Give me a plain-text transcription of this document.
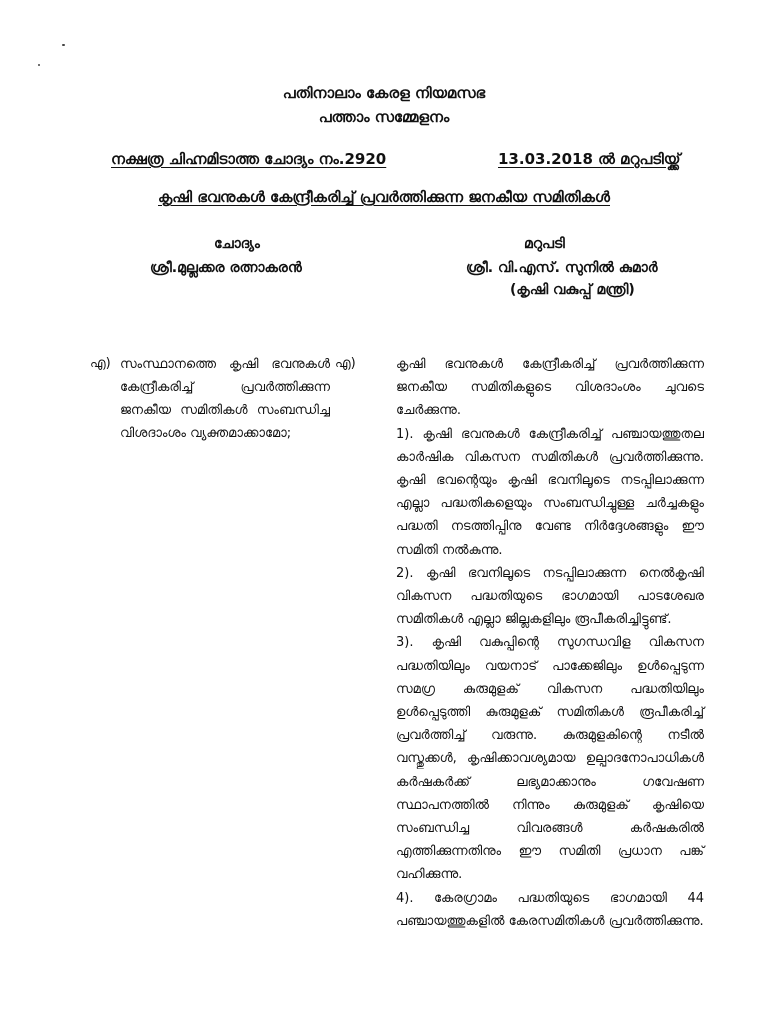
പതിനാലാം കേരള നിയമസഭ
പത്താം സമ്മേളനം
നക്ഷത്ര ചിഹ്നമിടാത്ത ചോദ്യം നം.2920	13.03.2018 ൽ മറുപടിയ്ക്ക്
കൃഷി ഭവനുകൾ കേന്ദ്രീകരിച്ച് പ്രവർത്തിക്കുന്ന ജനകീയ സമിതികൾ
ചോദ്യം	മറുപടി
ശ്രീ.മുല്ലക്കര രത്നാകരൻ	ശ്രീ. വി.എസ്. സുനിൽ കുമാർ
(കൃഷി വകുപ്പ് മന്ത്രി)
എ) സംസ്ഥാനത്തെ കൃഷി ഭവനുകൾ കേന്ദ്രീകരിച്ച് പ്രവർത്തിക്കുന്ന ജനകീയ സമിതികൾ സംബന്ധിച്ച വിശദാംശം വ്യക്തമാക്കാമോ;
എ)	കൃഷി ഭവനുകൾ കേന്ദ്രീകരിച്ച് പ്രവർത്തിക്കുന്ന ജനകീയ സമിതികളുടെ വിശദാംശം ചുവടെ ചേർക്കുന്നു.

1). കൃഷി ഭവനുകൾ കേന്ദ്രീകരിച്ച് പഞ്ചായത്തുതല കാർഷിക വികസന സമിതികൾ പ്രവർത്തിക്കുന്നു. കൃഷി ഭവന്റെയും കൃഷി ഭവനിലൂടെ നടപ്പിലാക്കുന്ന എല്ലാ പദ്ധതികളെയും സംബന്ധിച്ചുള്ള ചർച്ചകളും പദ്ധതി നടത്തിപ്പിനു വേണ്ട നിർദ്ദേശങ്ങളും ഈ സമിതി നൽകുന്നു.

2). കൃഷി ഭവനിലൂടെ നടപ്പിലാക്കുന്ന നെൽകൃഷി വികസന പദ്ധതിയുടെ ഭാഗമായി പാടശേഖര സമിതികൾ എല്ലാ ജില്ലകളിലും രൂപീകരിച്ചിട്ടുണ്ട്.

3). കൃഷി വകുപ്പിന്റെ സുഗന്ധവിള വികസന പദ്ധതിയിലും വയനാട് പാക്കേജിലും ഉൾപ്പെടുന്ന സമഗ്ര കുരുമുളക് വികസന പദ്ധതിയിലും ഉൾപ്പെടുത്തി കുരുമുളക് സമിതികൾ രൂപീകരിച്ച് പ്രവർത്തിച്ച് വരുന്നു. കുരുമുളകിന്റെ നടീൽ വസ്തുക്കൾ, കൃഷിക്കാവശ്യമായ ഉല്പാദനോപാധികൾ കർഷകർക്ക് ലഭ്യമാക്കാനും ഗവേഷണ സ്ഥാപനത്തിൽ നിന്നും കുരുമുളക് കൃഷിയെ സംബന്ധിച്ച വിവരങ്ങൾ കർഷകരിൽ എത്തിക്കുന്നതിനും ഈ സമിതി പ്രധാന പങ്ക് വഹിക്കുന്നു.

4). കേരഗ്രാമം പദ്ധതിയുടെ ഭാഗമായി 44 പഞ്ചായത്തുകളിൽ കേരസമിതികൾ പ്രവർത്തിക്കുന്നു.
